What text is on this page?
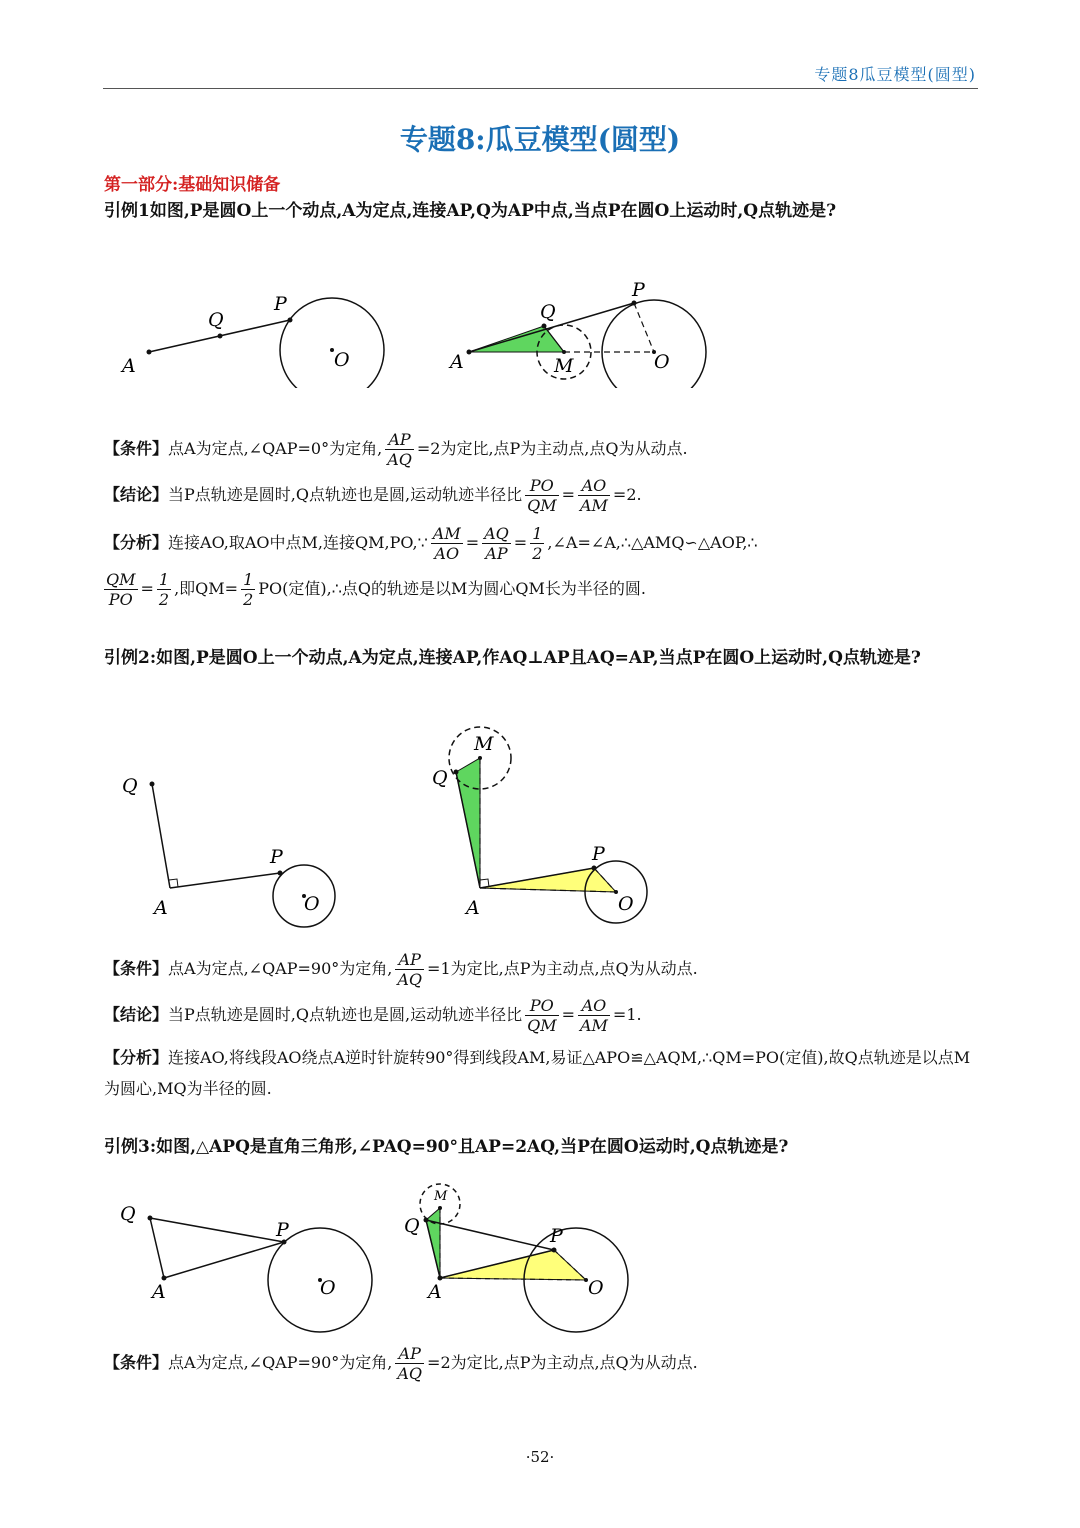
专题8瓜豆模型(圆型)
专题8:瓜豆模型(圆型)
第一部分:基础知识储备
引例1如图,P是圆O上一个动点,A为定点,连接AP,Q为AP中点,当点P在圆O上运动时,Q点轨迹是?
A
Q
P
O	A
Q
P
M	O
【条件】点A为定点,∠QAP=0°为定角, $\frac{AP}{AQ} =2$为定比,点P为主动点,点Q为从动点.
【结论】当P点轨迹是圆时,Q点轨迹也是圆,运动轨迹半径比 $\frac{PO}{QM} = \frac{AO}{AM} =2$.
【分析】连接AO,取AO中点M,连接QM,PO,∵ $\frac{AM}{AO} = \frac{AQ}{AP} = \frac{1}{2}$ ,∠A=∠A,∴△AMQ∽△AOP,∴
$\frac{QM}{PO} = \frac{1}{2}$ ,即$QM= \frac{1}{2} PO$(定值),∴点Q的轨迹是以M为圆心QM长为半径的圆.
引例2:如图,P是圆O上一个动点,A为定点,连接AP,作AQ⊥AP且AQ=AP,当点P在圆O上运动时,Q点轨迹是?
Q
A
P
O
M
Q
A
P
O
【条件】点A为定点,∠QAP=90°为定角, $\frac{AP}{AQ} =1$为定比,点P为主动点,点Q为从动点.
【结论】当P点轨迹是圆时,Q点轨迹也是圆,运动轨迹半径比 $\frac{PO}{QM} = \frac{AO}{AM} =1$.
【分析】连接AO,将线段AO绕点A逆时针旋转90°得到线段AM,易证△APO≌△AQM,∴QM=PO(定值),故Q点轨迹是以点M为圆心,MQ为半径的圆.
引例3:如图,△APQ是直角三角形,∠PAQ=90°且AP=2AQ,当P在圆O运动时,Q点轨迹是?
Q
A
P
O
M
Q
A
P
O
【条件】点A为定点,∠QAP=90°为定角, $\frac{AP}{AQ} =2$为定比,点P为主动点,点Q为从动点.
·52·
